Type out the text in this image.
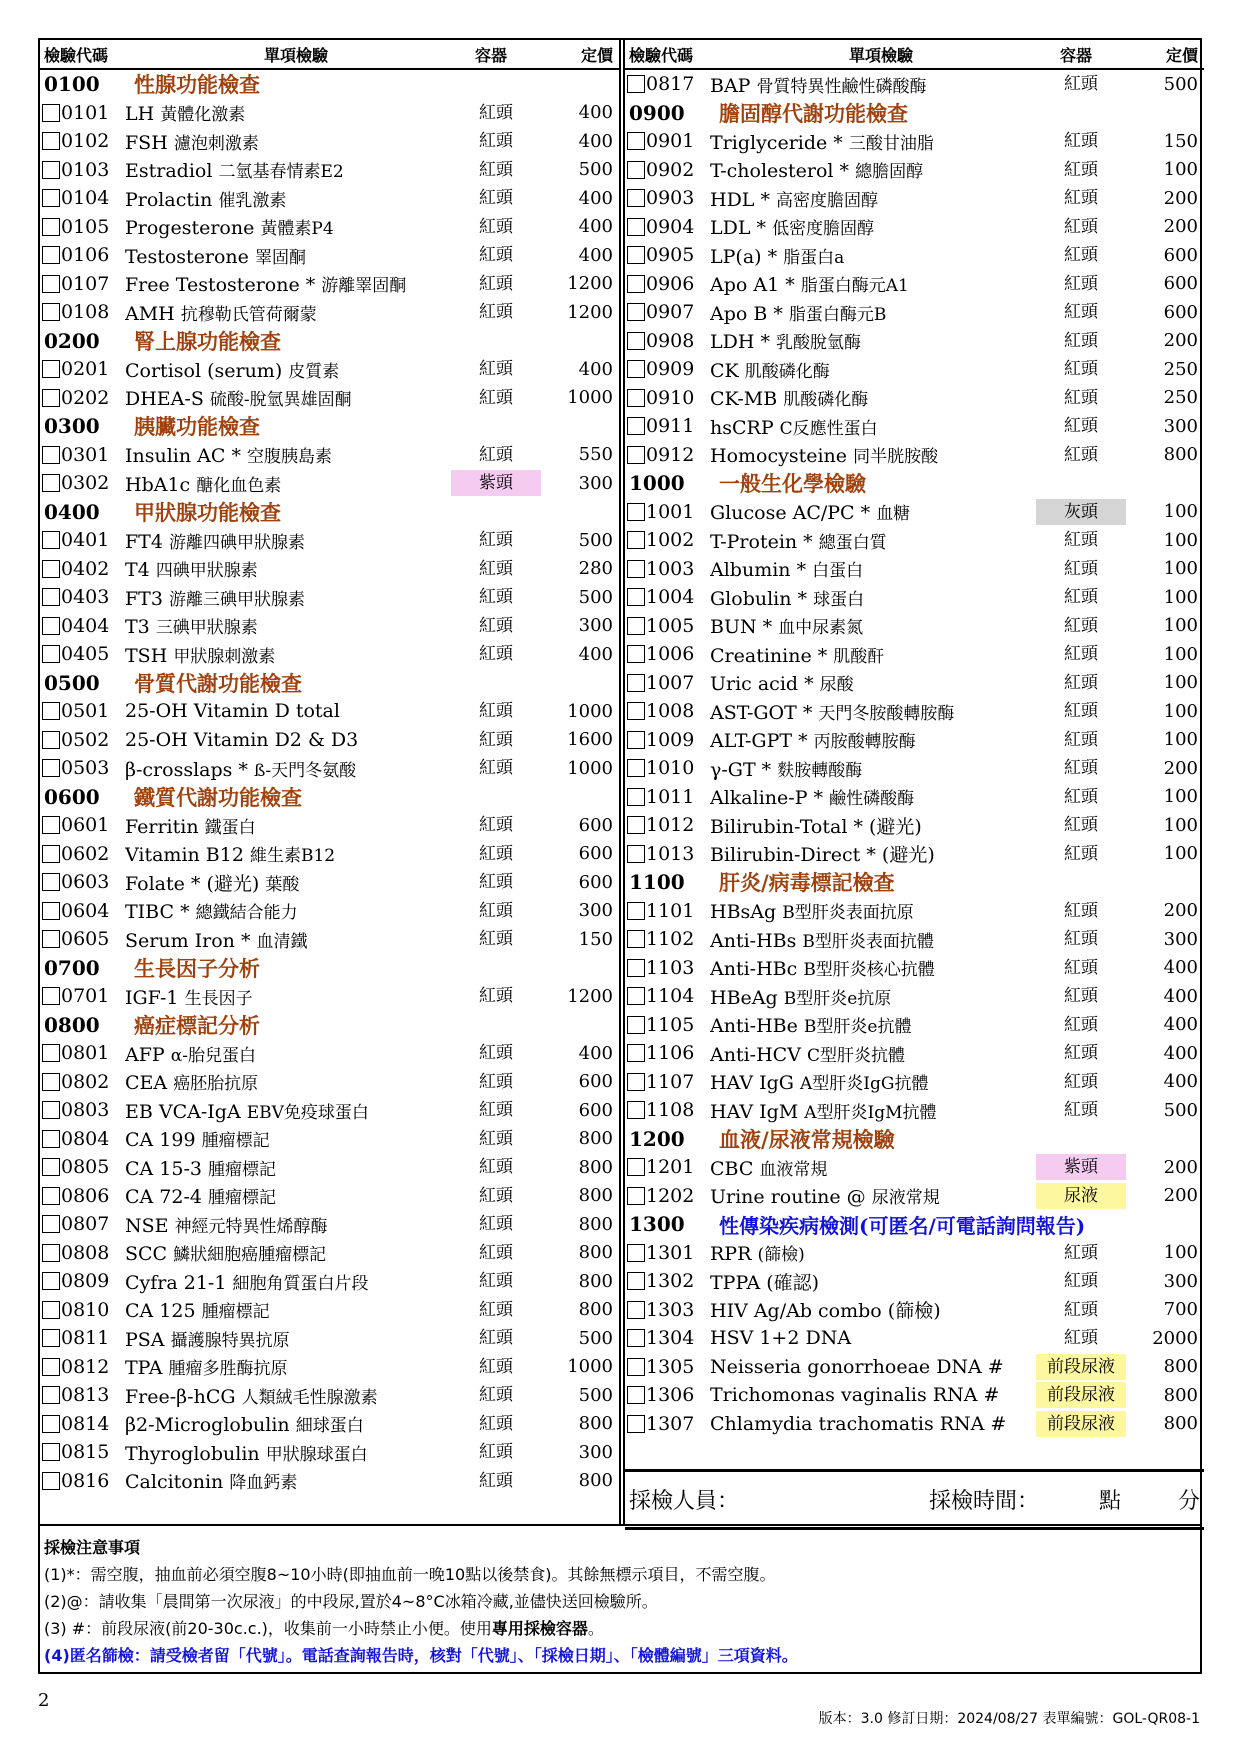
檢驗代碼	單項檢驗	容器	定價
0100	性腺功能檢查
0101 LH 黃體化激素	紅頭	400
0102 FSH 濾泡刺激素	紅頭	400
0103 Estradiol 二氫基春情素E2	紅頭	500
0104 Prolactin 催乳激素	紅頭	400
0105 Progesterone 黃體素P4	紅頭	400
0106 Testosterone 睪固酮	紅頭	400
0107 Free Testosterone * 游離睪固酮	紅頭	1200
0108 AMH 抗穆勒氏管荷爾蒙	紅頭	1200
0200	腎上腺功能檢查
0201 Cortisol (serum) 皮質素	紅頭	400
0202 DHEA-S 硫酸-脫氫異雄固酮	紅頭	1000
0300	胰臟功能檢查
0301 Insulin AC * 空腹胰島素	紅頭	550
0302 HbA1c 醣化血色素	紫頭	300
0400	甲狀腺功能檢查
0401 FT4 游離四碘甲狀腺素	紅頭	500
0402 T4 四碘甲狀腺素	紅頭	280
0403 FT3 游離三碘甲狀腺素	紅頭	500
0404 T3 三碘甲狀腺素	紅頭	300
0405 TSH 甲狀腺刺激素	紅頭	400
0500	骨質代謝功能檢查
0501 25-OH Vitamin D total	紅頭	1000
0502 25-OH Vitamin D2 & D3	紅頭	1600
0503 β-crosslaps * ß-天門冬氨酸	紅頭	1000
0600	鐵質代謝功能檢查
0601 Ferritin 鐵蛋白	紅頭	600
0602 Vitamin B12 維生素B12	紅頭	600
0603 Folate * (避光) 葉酸	紅頭	600
0604 TIBC * 總鐵結合能力	紅頭	300
0605 Serum Iron * 血清鐵	紅頭	150
0700	生長因子分析
0701 IGF-1 生長因子	紅頭	1200
0800	癌症標記分析
0801 AFP α-胎兒蛋白	紅頭	400
0802 CEA 癌胚胎抗原	紅頭	600
0803 EB VCA-IgA EBV免疫球蛋白	紅頭	600
0804 CA 199 腫瘤標記	紅頭	800
0805 CA 15-3 腫瘤標記	紅頭	800
0806 CA 72-4 腫瘤標記	紅頭	800
0807 NSE 神經元特異性烯醇酶	紅頭	800
0808 SCC 鱗狀細胞癌腫瘤標記	紅頭	800
0809 Cyfra 21-1 細胞角質蛋白片段	紅頭	800
0810 CA 125 腫瘤標記	紅頭	800
0811 PSA 攝護腺特異抗原	紅頭	500
0812 TPA 腫瘤多胜酶抗原	紅頭	1000
0813 Free-β-hCG 人類絨毛性腺激素	紅頭	500
0814 β2-Microglobulin 細球蛋白	紅頭	800
0815 Thyroglobulin 甲狀腺球蛋白	紅頭	300
0816 Calcitonin 降血鈣素	紅頭	800
檢驗代碼	單項檢驗	容器	定價
0817 BAP 骨質特異性鹼性磷酸酶	紅頭	500
0900	膽固醇代謝功能檢查
0901 Triglyceride * 三酸甘油脂	紅頭	150
0902 T-cholesterol * 總膽固醇	紅頭	100
0903 HDL * 高密度膽固醇	紅頭	200
0904 LDL * 低密度膽固醇	紅頭	200
0905 LP(a) * 脂蛋白a	紅頭	600
0906 Apo A1 * 脂蛋白酶元A1	紅頭	600
0907 Apo B * 脂蛋白酶元B	紅頭	600
0908 LDH * 乳酸脫氫酶	紅頭	200
0909 CK 肌酸磷化酶	紅頭	250
0910 CK-MB 肌酸磷化酶	紅頭	250
0911 hsCRP C反應性蛋白	紅頭	300
0912 Homocysteine 同半胱胺酸	紅頭	800
1000	一般生化學檢驗
1001 Glucose AC/PC * 血糖	灰頭	100
1002 T-Protein * 總蛋白質	紅頭	100
1003 Albumin * 白蛋白	紅頭	100
1004 Globulin * 球蛋白	紅頭	100
1005 BUN * 血中尿素氮	紅頭	100
1006 Creatinine * 肌酸酐	紅頭	100
1007 Uric acid * 尿酸	紅頭	100
1008 AST-GOT * 天門冬胺酸轉胺酶	紅頭	100
1009 ALT-GPT * 丙胺酸轉胺酶	紅頭	100
1010 γ-GT * 麩胺轉酸酶	紅頭	200
1011 Alkaline-P * 鹼性磷酸酶	紅頭	100
1012 Bilirubin-Total * (避光)	紅頭	100
1013 Bilirubin-Direct * (避光)	紅頭	100
1100	肝炎/病毒標記檢查
1101 HBsAg B型肝炎表面抗原	紅頭	200
1102 Anti-HBs B型肝炎表面抗體	紅頭	300
1103 Anti-HBc B型肝炎核心抗體	紅頭	400
1104 HBeAg B型肝炎e抗原	紅頭	400
1105 Anti-HBe B型肝炎e抗體	紅頭	400
1106 Anti-HCV C型肝炎抗體	紅頭	400
1107 HAV IgG A型肝炎IgG抗體	紅頭	400
1108 HAV IgM A型肝炎IgM抗體	紅頭	500
1200	血液/尿液常規檢驗
1201 CBC 血液常規	紫頭	200
1202 Urine routine @ 尿液常規	尿液	200
1300	性傳染疾病檢測(可匿名/可電話詢問報告)
1301 RPR (篩檢)	紅頭	100
1302 TPPA (確認)	紅頭	300
1303 HIV Ag/Ab combo (篩檢)	紅頭	700
1304 HSV 1+2 DNA	紅頭	2000
1305 Neisseria gonorrhoeae DNA #	前段尿液	800
1306 Trichomonas vaginalis RNA #	前段尿液	800
1307 Chlamydia trachomatis RNA #	前段尿液	800
採檢人員：	採檢時間：	點	分
採檢注意事項
(1)*：需空腹，抽血前必須空腹8~10小時(即抽血前一晚10點以後禁食)。其餘無標示項目，不需空腹。
(2)@：請收集「晨間第一次尿液」的中段尿,置於4~8°C冰箱冷藏,並儘快送回檢驗所。
(3) #：前段尿液(前20-30c.c.)，收集前一小時禁止小便。使用專用採檢容器。
(4)匿名篩檢：請受檢者留「代號」。電話查詢報告時，核對「代號」、「採檢日期」、「檢體編號」三項資料。
2
版本：3.0 修訂日期：2024/08/27 表單編號：GOL-QR08-1
